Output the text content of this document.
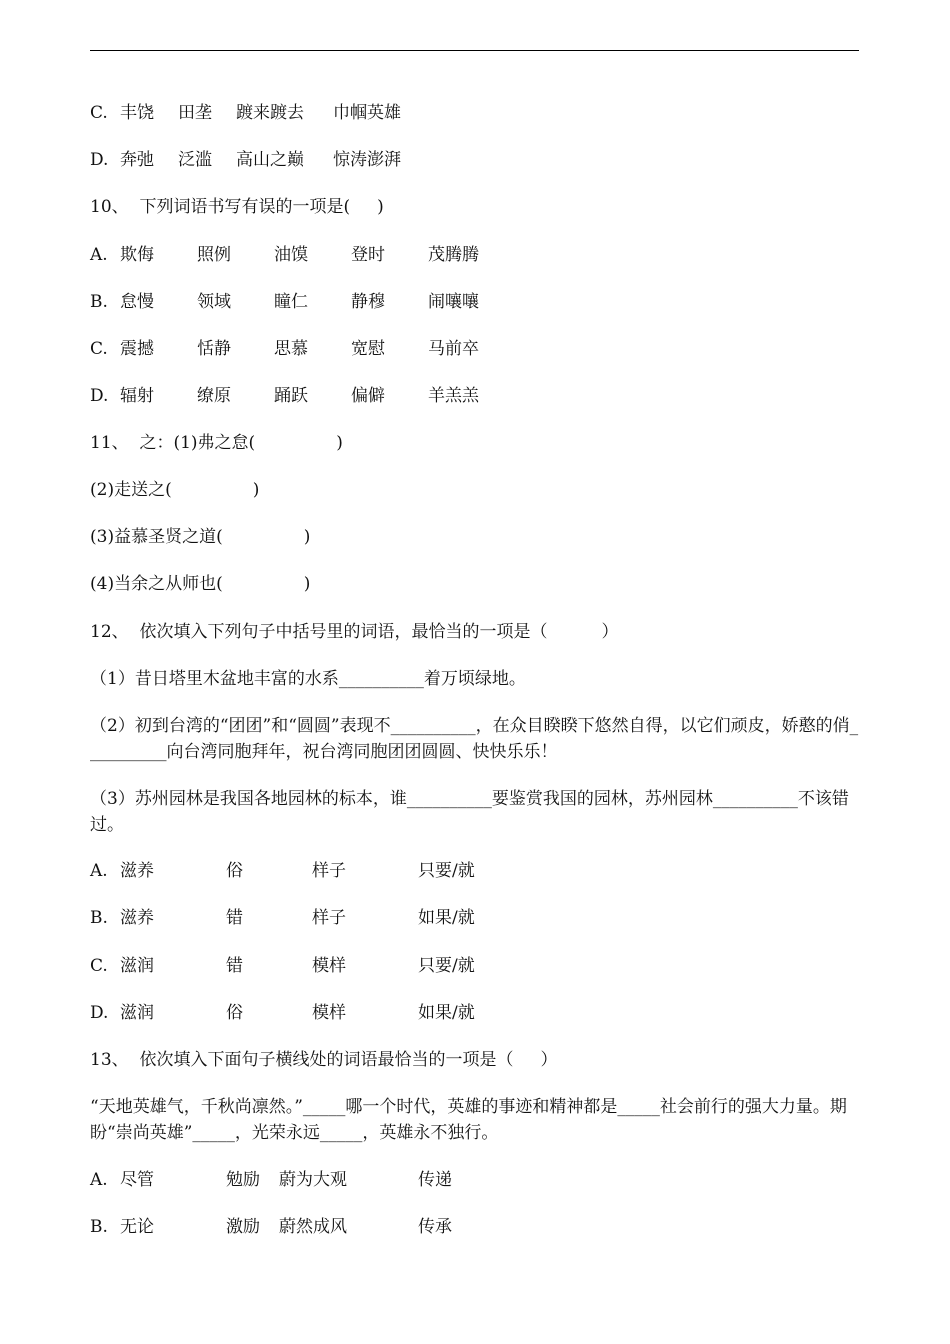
C. 丰饶	田垄	踱来踱去	巾帼英雄
D. 奔弛	泛滥	高山之巅	惊涛澎湃
10、  下列词语书写有误的一项是(     )
A. 欺侮	照例	油馍	登时	茂腾腾
B. 怠慢	领域	瞳仁	静穆	闹嚷嚷
C. 震撼	恬静	思慕	宽慰	马前卒
D. 辐射	缭原	踊跃	偏僻	羊羔羔
11、  之：(1)弗之怠(               )
(2)走送之(               )
(3)益慕圣贤之道(               )
(4)当余之从师也(               )
12、  依次填入下列句子中括号里的词语，最恰当的一项是（          ）
（1）昔日塔里木盆地丰富的水系__________着万顷绿地。
（2）初到台湾的“团团”和“圆圆”表现不__________，在众目睽睽下悠然自得，以它们顽皮，娇憨的俏__________向台湾同胞拜年，祝台湾同胞团团圆圆、快快乐乐！
（3）苏州园林是我国各地园林的标本，谁__________要鉴赏我国的园林，苏州园林__________不该错过。
A. 滋养	俗	样子	只要/就
B. 滋养	错	样子	如果/就
C. 滋润	错	模样	只要/就
D. 滋润	俗	模样	如果/就
13、  依次填入下面句子横线处的词语最恰当的一项是（     ）
“天地英雄气，千秋尚凛然。”_____哪一个时代，英雄的事迹和精神都是_____社会前行的强大力量。期盼“崇尚英雄”_____，光荣永远_____，英雄永不独行。
A. 尽管	勉励	蔚为大观	传递
B. 无论	激励	蔚然成风	传承
